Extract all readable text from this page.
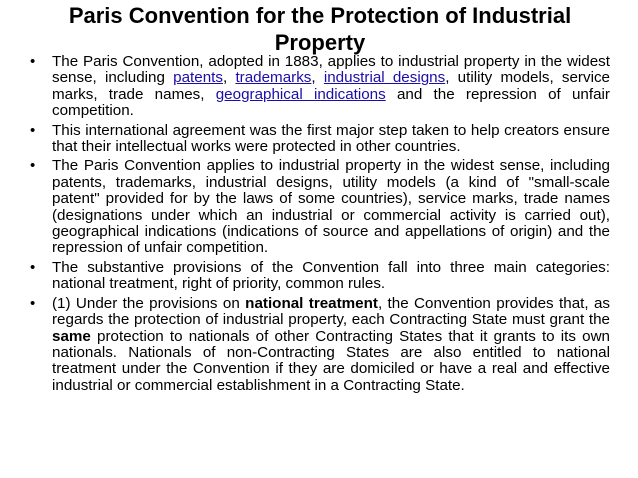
Paris Convention for the Protection of Industrial Property
• The Paris Convention, adopted in 1883, applies to industrial property in the widest sense, including patents, trademarks, industrial designs, utility models, service marks, trade names, geographical indications and the repression of unfair competition.
• This international agreement was the first major step taken to help creators ensure that their intellectual works were protected in other countries.
• The Paris Convention applies to industrial property in the widest sense, including patents, trademarks, industrial designs, utility models (a kind of "small-scale patent" provided for by the laws of some countries), service marks, trade names (designations under which an industrial or commercial activity is carried out), geographical indications (indications of source and appellations of origin) and the repression of unfair competition.
• The substantive provisions of the Convention fall into three main categories: national treatment, right of priority, common rules.
• (1) Under the provisions on national treatment, the Convention provides that, as regards the protection of industrial property, each Contracting State must grant the same protection to nationals of other Contracting States that it grants to its own nationals. Nationals of non-Contracting States are also entitled to national treatment under the Convention if they are domiciled or have a real and effective industrial or commercial establishment in a Contracting State.
